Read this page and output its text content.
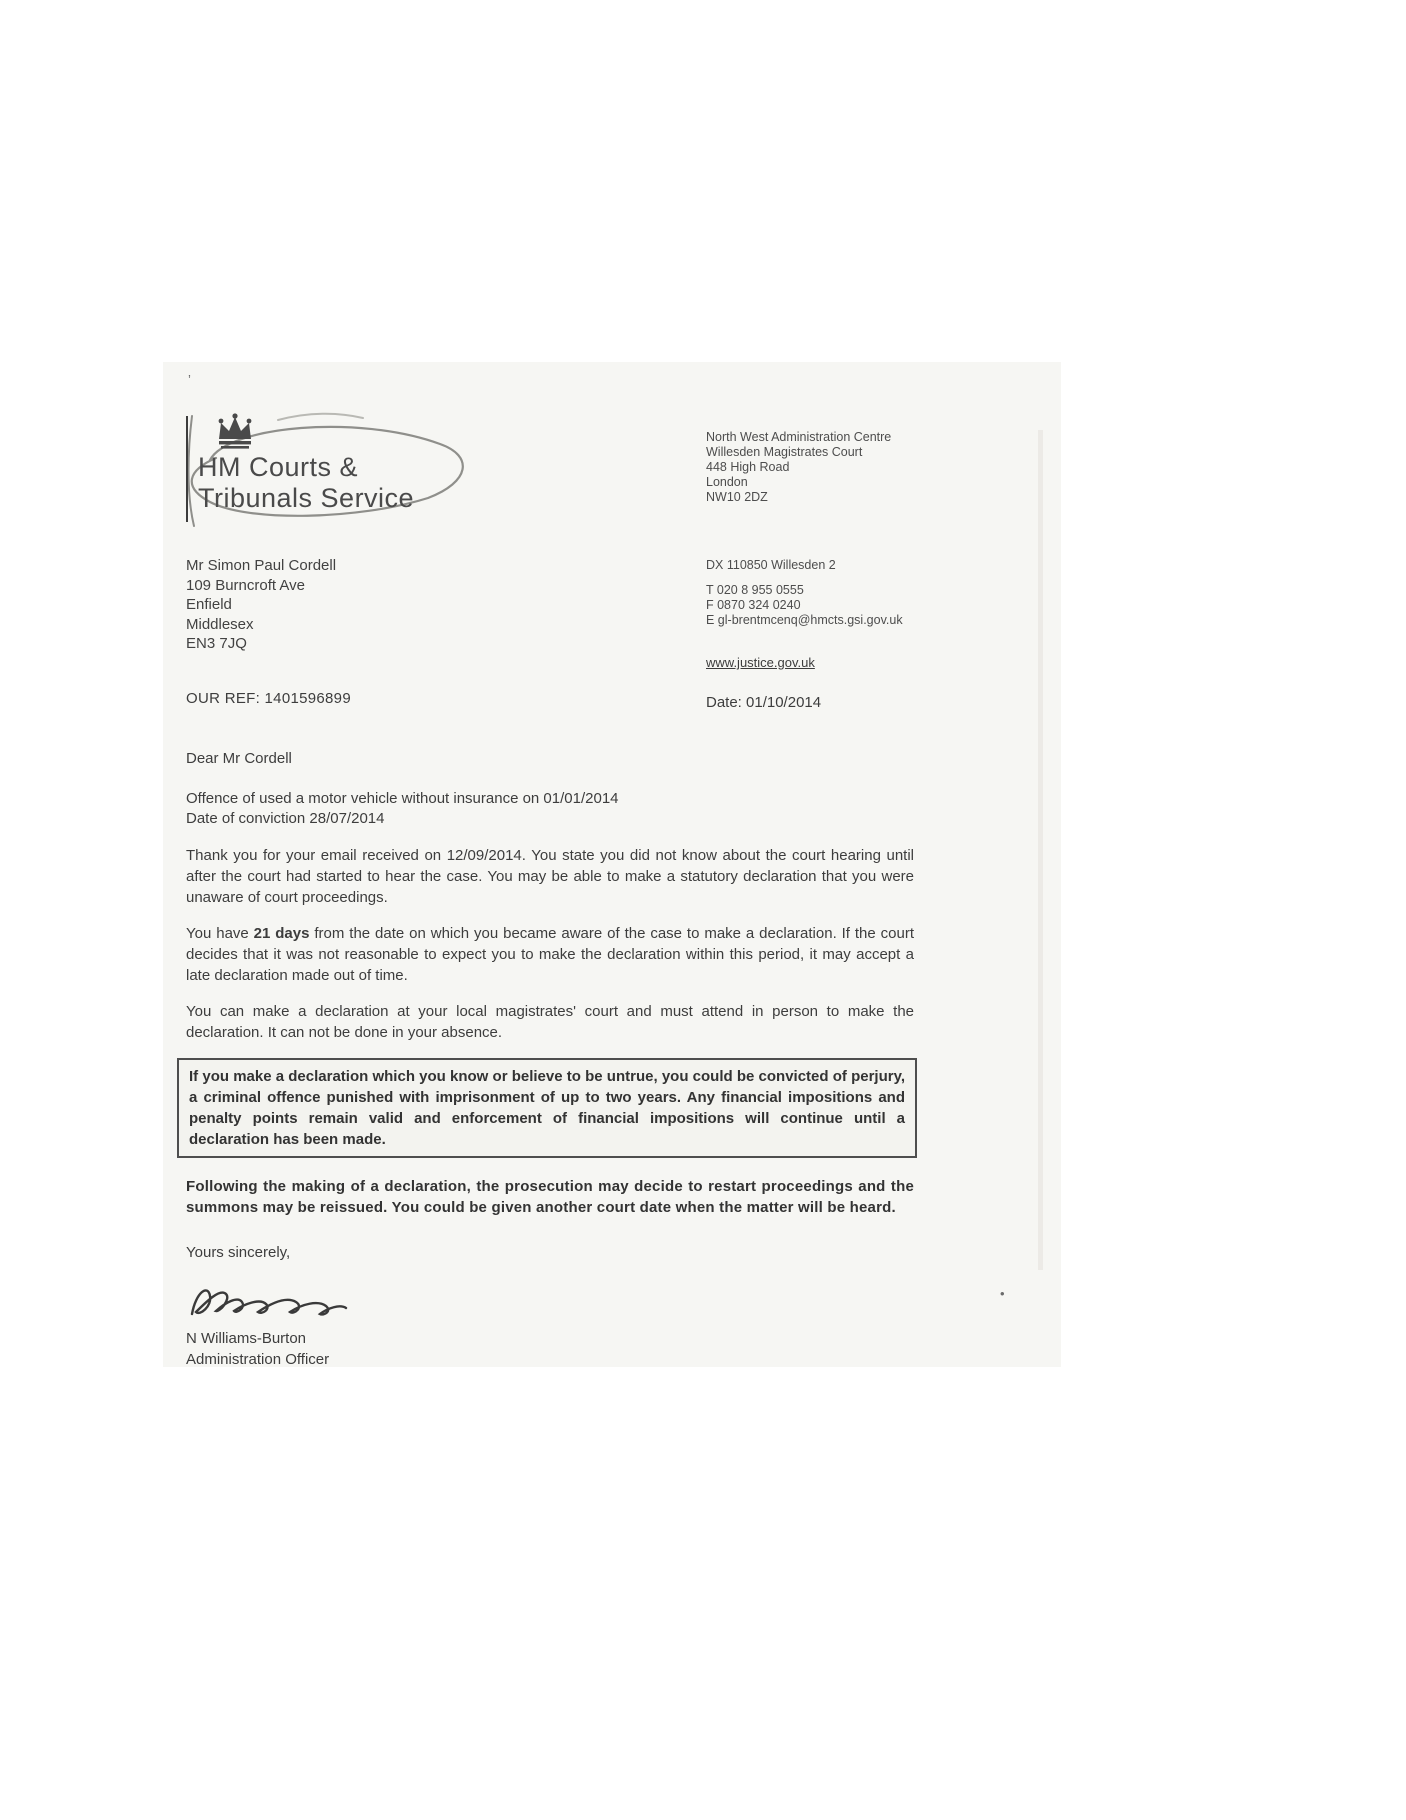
’
•
HM Courts &
Tribunals Service
North West Administration Centre
Willesden Magistrates Court
448 High Road
London
NW10 2DZ
DX 110850 Willesden 2
T 020 8 955 0555
F 0870 324 0240
E gl-brentmcenq@hmcts.gsi.gov.uk
www.justice.gov.uk
Date: 01/10/2014
Mr Simon Paul Cordell
109 Burncroft Ave
Enfield
Middlesex
EN3 7JQ
OUR REF: 1401596899

Dear Mr Cordell

Offence of used a motor vehicle without insurance on 01/01/2014
Date of conviction 28/07/2014

Thank you for your email received on 12/09/2014. You state you did not know about the court hearing until after the court had started to hear the case. You may be able to make a statutory declaration that you were unaware of court proceedings.

You have 21 days from the date on which you became aware of the case to make a declaration. If the court decides that it was not reasonable to expect you to make the declaration within this period, it may accept a late declaration made out of time.

You can make a declaration at your local magistrates' court and must attend in person to make the declaration. It can not be done in your absence.

If you make a declaration which you know or believe to be untrue, you could be convicted of perjury, a criminal offence punished with imprisonment of up to two years. Any financial impositions and penalty points remain valid and enforcement of financial impositions will continue until a declaration has been made.

Following the making of a declaration, the prosecution may decide to restart proceedings and the summons may be reissued. You could be given another court date when the matter will be heard.

Yours sincerely,

N Williams-Burton
Administration Officer
